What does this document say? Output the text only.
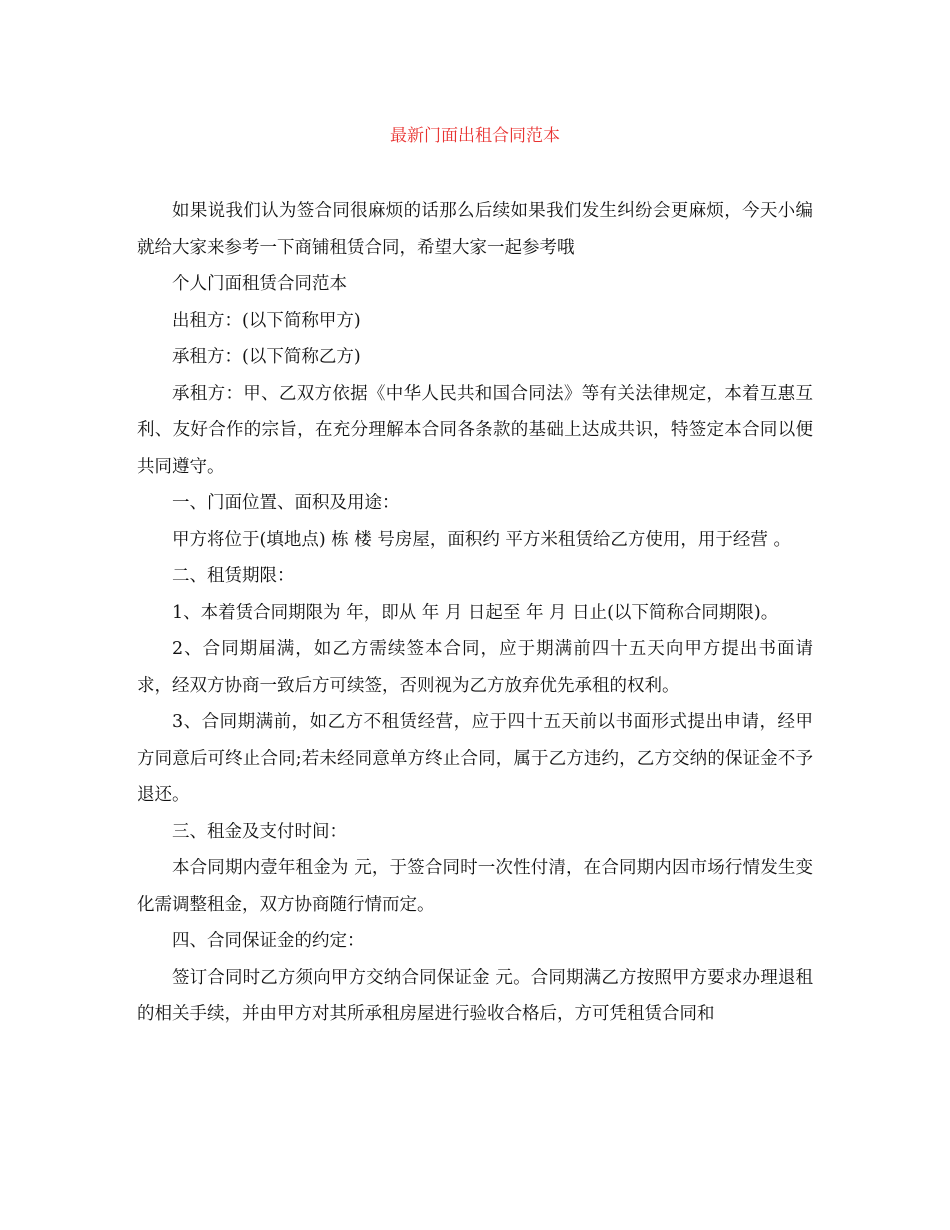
最新门面出租合同范本

如果说我们认为签合同很麻烦的话那么后续如果我们发生纠纷会更麻烦，今天小编就给大家来参考一下商铺租赁合同，希望大家一起参考哦

个人门面租赁合同范本

出租方：(以下简称甲方)

承租方：(以下简称乙方)

承租方：甲、乙双方依据《中华人民共和国合同法》等有关法律规定，本着互惠互利、友好合作的宗旨，在充分理解本合同各条款的基础上达成共识，特签定本合同以便共同遵守。

一、门面位置、面积及用途：

甲方将位于(填地点) 栋 楼 号房屋，面积约 平方米租赁给乙方使用，用于经营 。

二、租赁期限：

1、本着赁合同期限为 年，即从 年 月 日起至 年 月 日止(以下简称合同期限)。

2、合同期届满，如乙方需续签本合同，应于期满前四十五天向甲方提出书面请求，经双方协商一致后方可续签，否则视为乙方放弃优先承租的权利。

3、合同期满前，如乙方不租赁经营，应于四十五天前以书面形式提出申请，经甲方同意后可终止合同;若未经同意单方终止合同，属于乙方违约，乙方交纳的保证金不予退还。

三、租金及支付时间：

本合同期内壹年租金为 元，于签合同时一次性付清，在合同期内因市场行情发生变化需调整租金，双方协商随行情而定。

四、合同保证金的约定：

签订合同时乙方须向甲方交纳合同保证金 元。合同期满乙方按照甲方要求办理退租的相关手续，并由甲方对其所承租房屋进行验收合格后，方可凭租赁合同和
